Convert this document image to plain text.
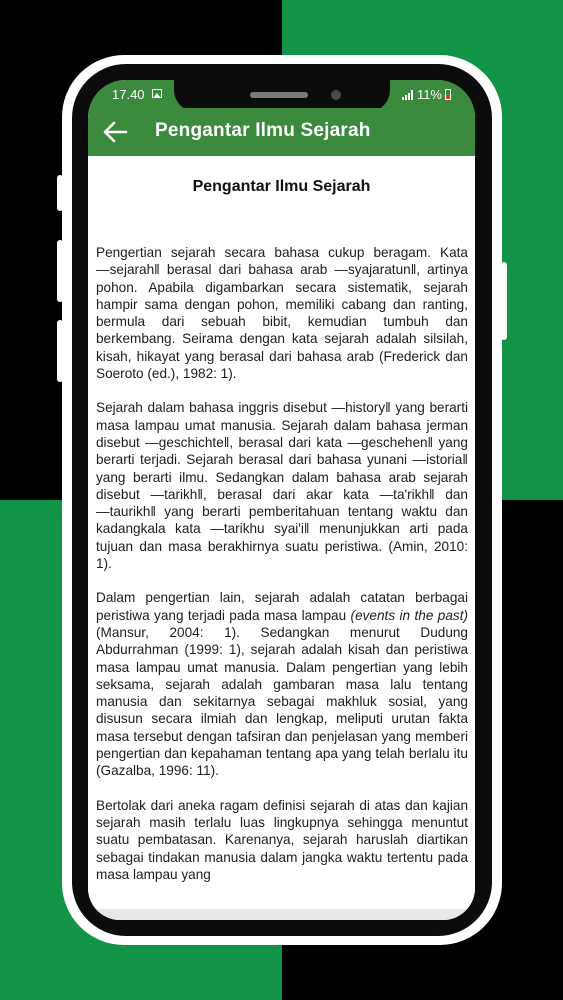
17.40	11%
Pengantar Ilmu Sejarah
Pengantar Ilmu Sejarah

Pengertian sejarah secara bahasa cukup beragam. Kata ―sejarah‖ berasal dari bahasa arab ―syajaratun‖, artinya pohon. Apabila digambarkan secara sistematik, sejarah hampir sama dengan pohon, memiliki cabang dan ranting, bermula dari sebuah bibit, kemudian tumbuh dan berkembang. Seirama dengan kata sejarah adalah silsilah, kisah, hikayat yang berasal dari bahasa arab (Frederick dan Soeroto (ed.), 1982: 1).

Sejarah dalam bahasa inggris disebut ―history‖ yang berarti masa lampau umat manusia. Sejarah dalam bahasa jerman disebut ―geschichte‖, berasal dari kata ―geschehen‖ yang berarti terjadi. Sejarah berasal dari bahasa yunani ―istoria‖ yang berarti ilmu. Sedangkan dalam bahasa arab sejarah disebut ―tarikh‖, berasal dari akar kata ―ta'rikh‖ dan ―taurikh‖ yang berarti pemberitahuan tentang waktu dan kadangkala kata ―tarikhu syai'i‖ menunjukkan arti pada tujuan dan masa berakhirnya suatu peristiwa. (Amin, 2010: 1).

Dalam pengertian lain, sejarah adalah catatan berbagai peristiwa yang terjadi pada masa lampau (events in the past) (Mansur, 2004: 1). Sedangkan menurut Dudung Abdurrahman (1999: 1), sejarah adalah kisah dan peristiwa masa lampau umat manusia. Dalam pengertian yang lebih seksama, sejarah adalah gambaran masa lalu tentang manusia dan sekitarnya sebagai makhluk sosial, yang disusun secara ilmiah dan lengkap, meliputi urutan fakta masa tersebut dengan tafsiran dan penjelasan yang memberi pengertian dan kepahaman tentang apa yang telah berlalu itu (Gazalba, 1996: 11).

Bertolak dari aneka ragam definisi sejarah di atas dan kajian sejarah masih terlalu luas lingkupnya sehingga menuntut suatu pembatasan. Karenanya, sejarah haruslah diartikan sebagai tindakan manusia dalam jangka waktu tertentu pada masa lampau yang
